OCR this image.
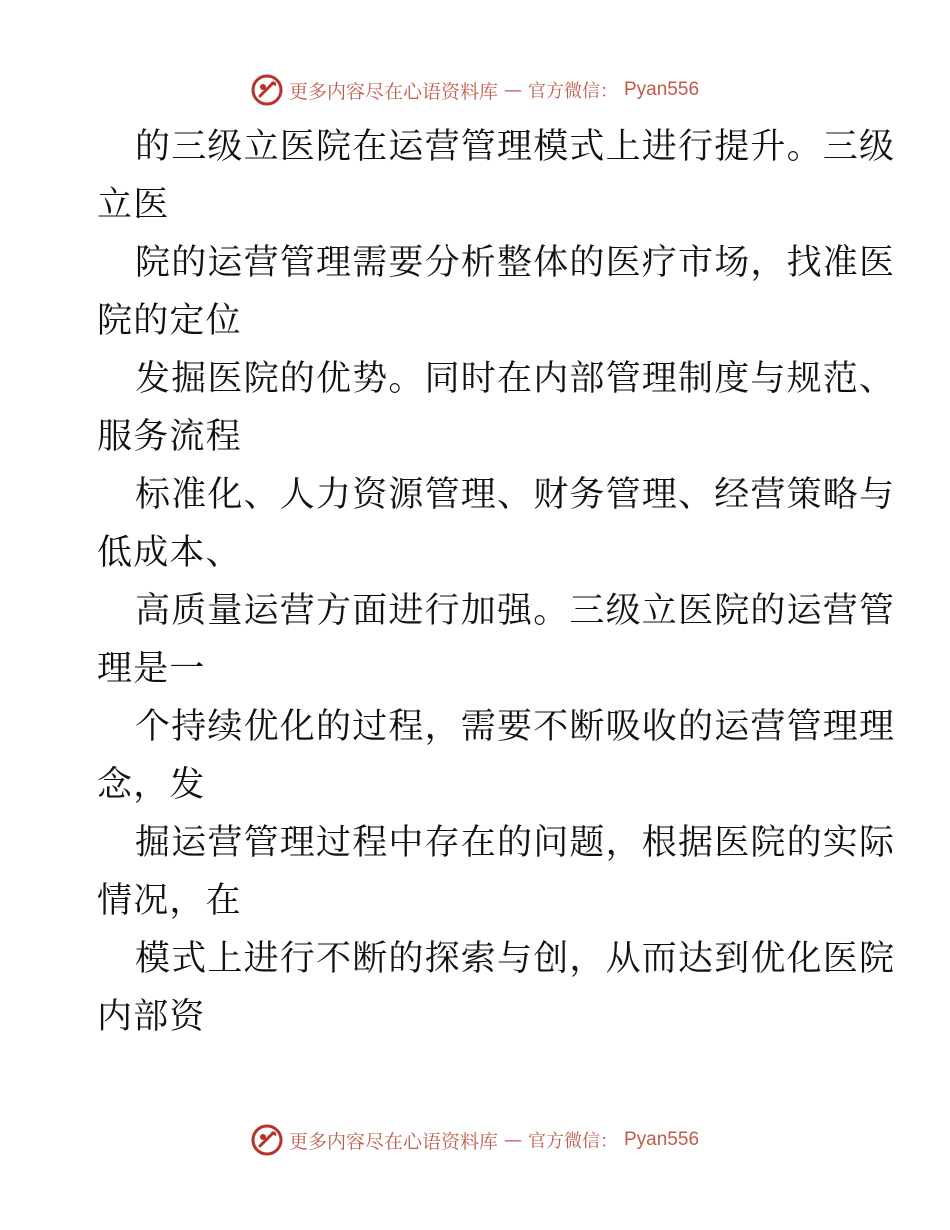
更多内容尽在心语资料库 — 官方微信： Pyan556
的三级立医院在运营管理模式上进行提升。三级
立医
院的运营管理需要分析整体的医疗市场，找准医
院的定位
发掘医院的优势。同时在内部管理制度与规范、
服务流程
标准化、人力资源管理、财务管理、经营策略与
低成本、
高质量运营方面进行加强。三级立医院的运营管
理是一
个持续优化的过程，需要不断吸收的运营管理理
念，发
掘运营管理过程中存在的问题，根据医院的实际
情况，在
模式上进行不断的探索与创，从而达到优化医院
内部资
更多内容尽在心语资料库 — 官方微信： Pyan556
